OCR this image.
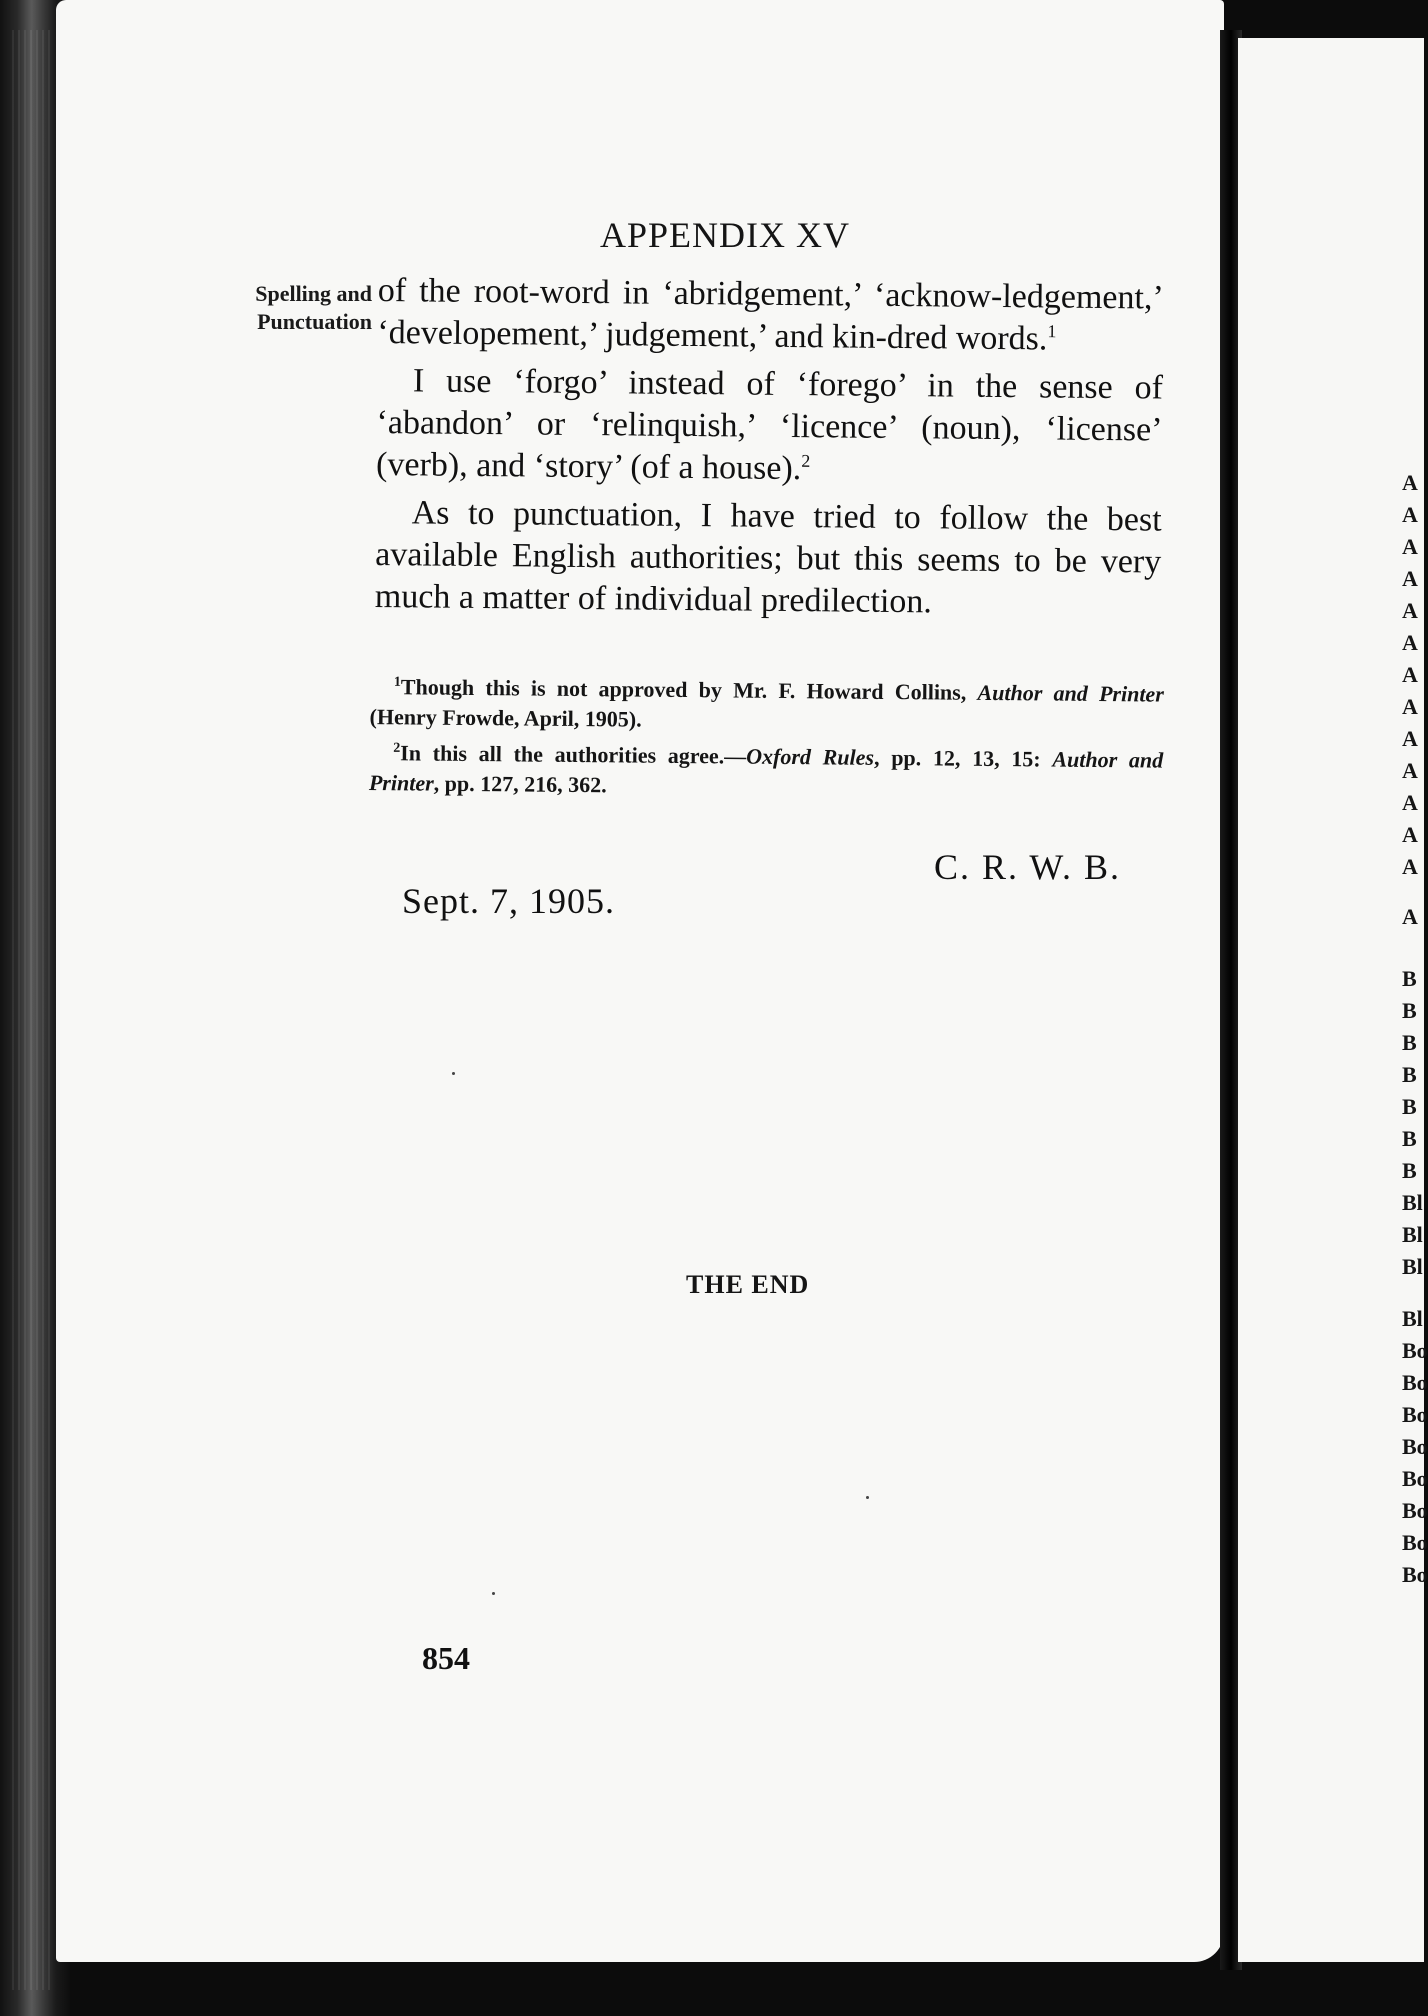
APPENDIX XV
Spelling and
Punctuation

of the root-word in ‘abridgement,’ ‘acknow-ledgement,’ ‘developement,’ judgement,’ and kin-dred words.$^1$

I use ‘forgo’ instead of ‘forego’ in the sense of ‘abandon’ or ‘relinquish,’ ‘licence’ (noun), ‘license’ (verb), and ‘story’ (of a house).$^2$

As to punctuation, I have tried to follow the best available English authorities; but this seems to be very much a matter of individual predilection.

$^1$Though this is not approved by Mr. F. Howard Collins, Author and Printer (Henry Frowde, April, 1905).

$^2$In this all the authorities agree.—Oxford Rules, pp. 12, 13, 15: Author and Printer, pp. 127, 216, 362.

C. R. W. B.
Sept. 7, 1905.
THE END
854
A
A
A
A
A
A
A
A
A
A
A
A
A
A
B
B
B
B
B
B
B
Bl
Bl
Bl
Bl
Bo
Bo
Bo
Bo
Bo
Bo
Bo
Bo
